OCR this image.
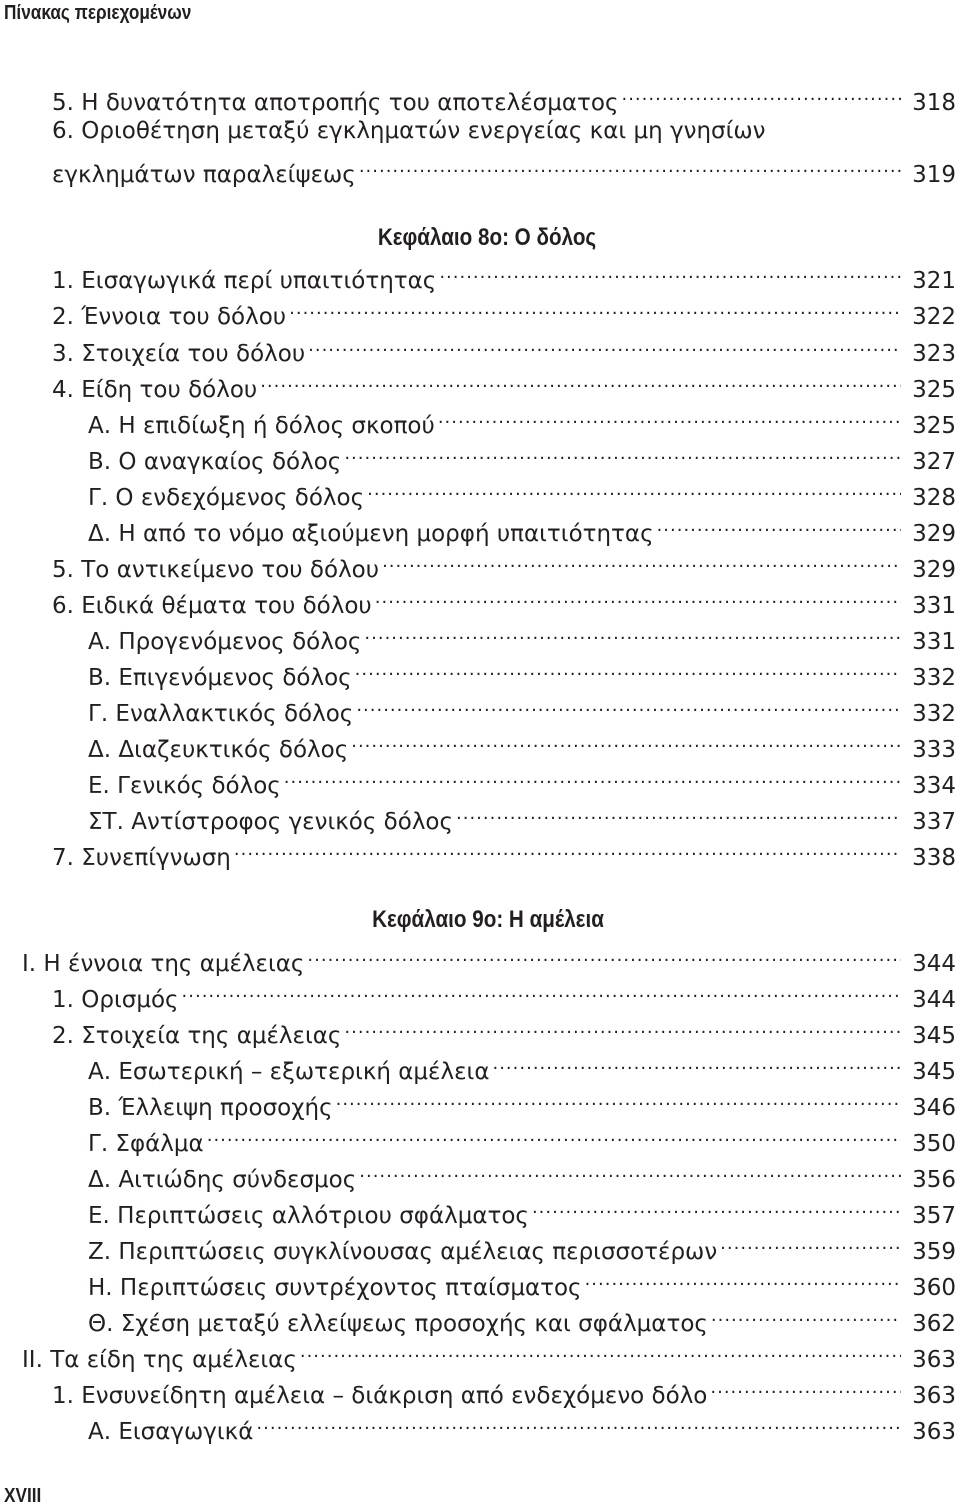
Πίνακας περιεχομένων
5. Η δυνατότητα αποτροπής του αποτελέσματος .....	318
6. Οριοθέτηση μεταξύ εγκληματών ενεργείας και μη γνησίων
εγκλημάτων παραλείψεως .....	319
1. Εισαγωγικά περί υπαιτιότητας .....	321
2. Έννοια του δόλου .....	322
3. Στοιχεία του δόλου .....	323
4. Είδη του δόλου .....	325
Α. Η επιδίωξη ή δόλος σκοπού .....	325
Β. Ο αναγκαίος δόλος .....	327
Γ. Ο ενδεχόμενος δόλος .....	328
Δ. Η από το νόμο αξιούμενη μορφή υπαιτιότητας .....	329
5. Το αντικείμενο του δόλου .....	329
6. Ειδικά θέματα του δόλου .....	331
Α. Προγενόμενος δόλος .....	331
Β. Επιγενόμενος δόλος .....	332
Γ. Εναλλακτικός δόλος .....	332
Δ. Διαζευκτικός δόλος .....	333
Ε. Γενικός δόλος .....	334
ΣΤ. Αντίστροφος γενικός δόλος .....	337
7. Συνεπίγνωση .....	338
I. Η έννοια της αμέλειας .....	344
1. Ορισμός .....	344
2. Στοιχεία της αμέλειας .....	345
Α. Εσωτερική – εξωτερική αμέλεια .....	345
Β. Έλλειψη προσοχής .....	346
Γ. Σφάλμα .....	350
Δ. Αιτιώδης σύνδεσμος .....	356
Ε. Περιπτώσεις αλλότριου σφάλματος .....	357
Ζ. Περιπτώσεις συγκλίνουσας αμέλειας περισσοτέρων .....	359
Η. Περιπτώσεις συντρέχοντος πταίσματος .....	360
Θ. Σχέση μεταξύ ελλείψεως προσοχής και σφάλματος .....	362
II. Τα είδη της αμέλειας .....	363
1. Ενσυνείδητη αμέλεια – διάκριση από ενδεχόμενο δόλο .....	363
Α. Εισαγωγικά .....	363
Κεφάλαιο 8ο: Ο δόλος
Κεφάλαιο 9ο: Η αμέλεια
XVIII
